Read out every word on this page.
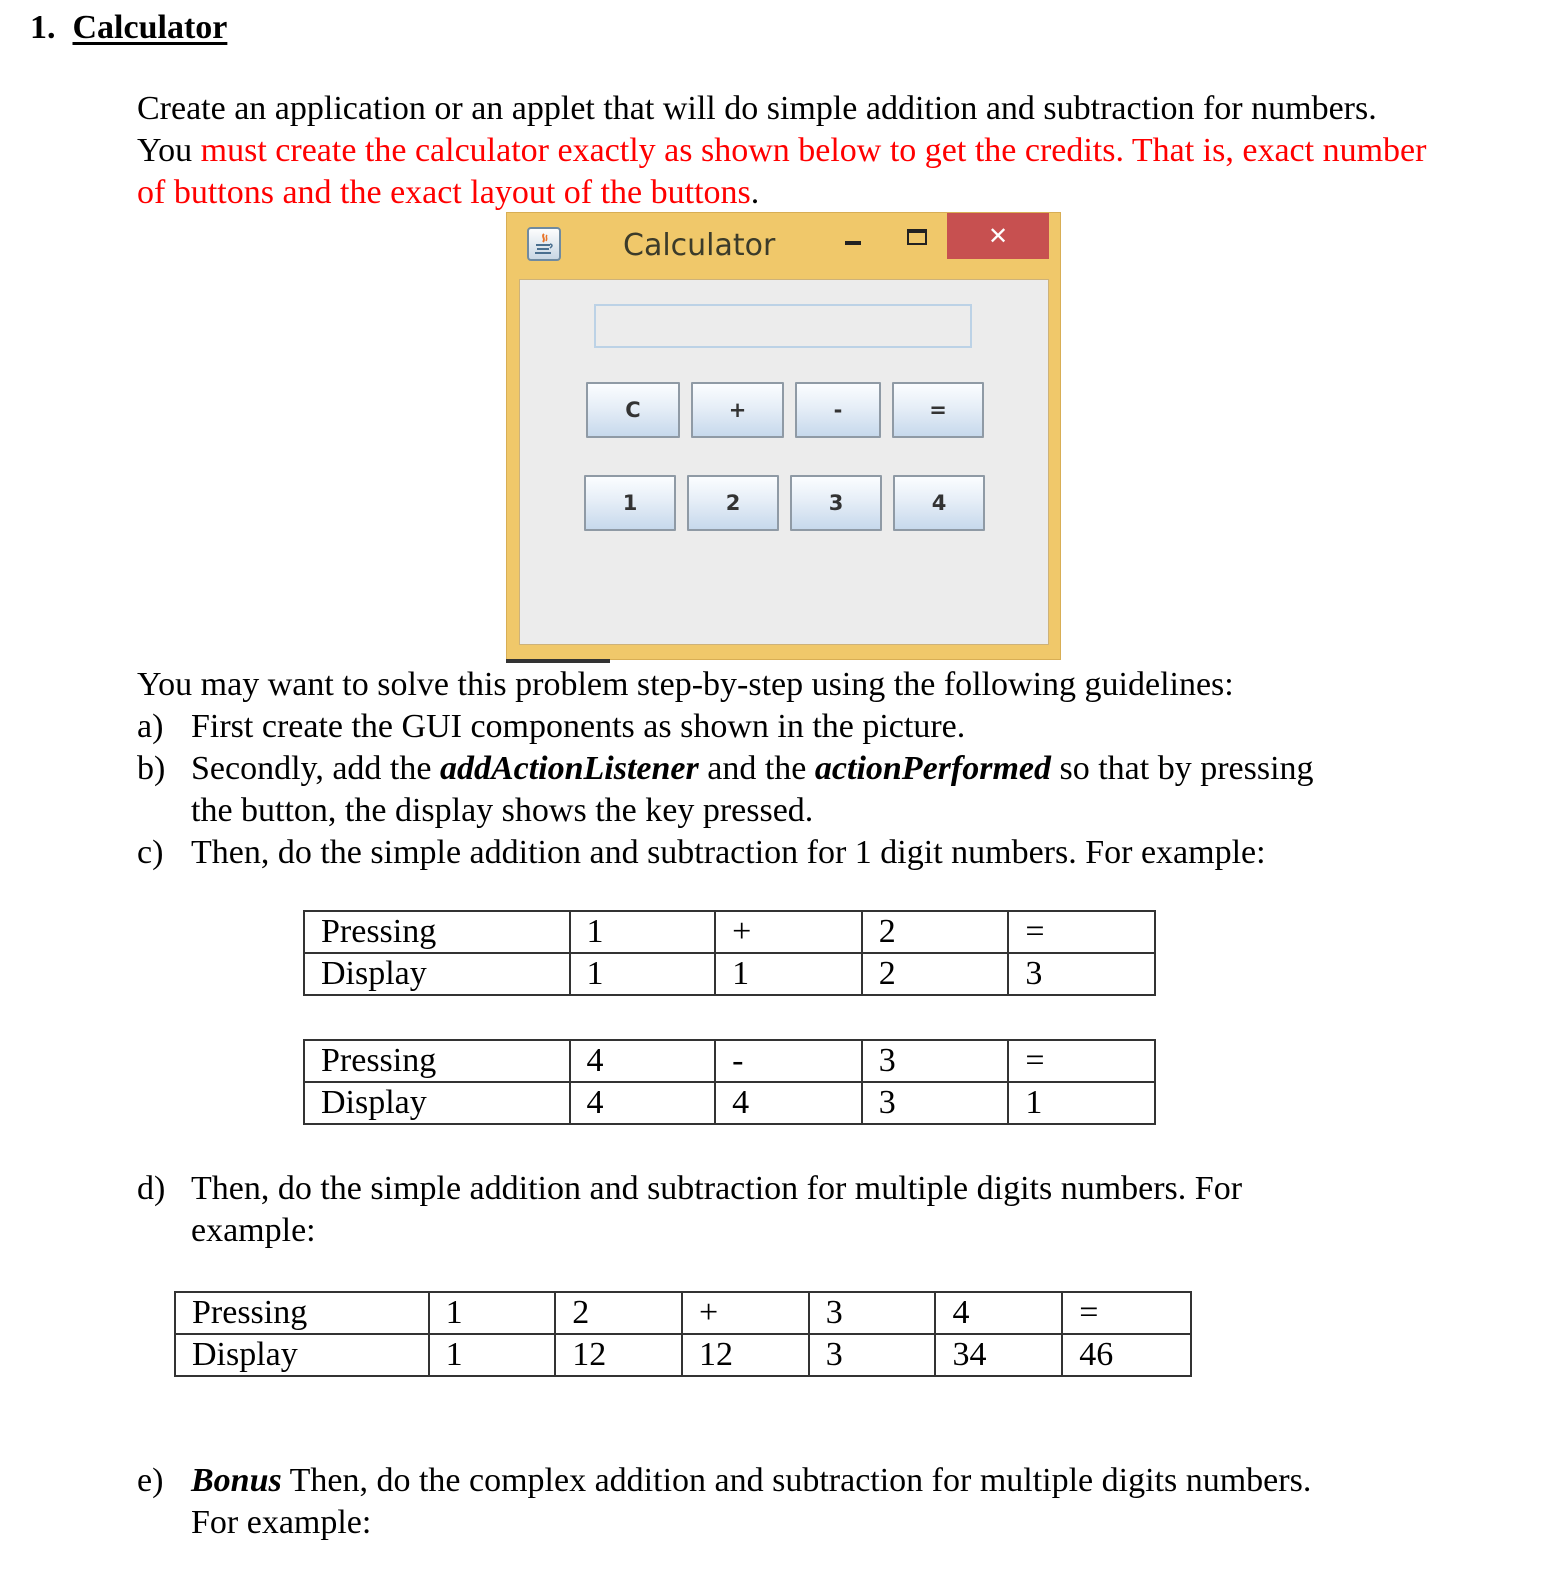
1. Calculator
Create an application or an applet that will do simple addition and subtraction for numbers. You must create the calculator exactly as shown below to get the credits. That is, exact number of buttons and the exact layout of the buttons.
Calculator	✕
C	+	-	=
1	2	3	4
You may want to solve this problem step-by-step using the following guidelines:
a) First create the GUI components as shown in the picture.
b) Secondly, add the addActionListener and the actionPerformed so that by pressing
the button, the display shows the key pressed.
c) Then, do the simple addition and subtraction for 1 digit numbers. For example:
Pressing	1	+	2	=
Display	1	1	2	3
Pressing	4	-	3	=
Display	4	4	3	1
d) Then, do the simple addition and subtraction for multiple digits numbers. For
example:
Pressing	1	2	+	3	4	=
Display	1	12	12	3	34	46
e) Bonus Then, do the complex addition and subtraction for multiple digits numbers.
For example:
